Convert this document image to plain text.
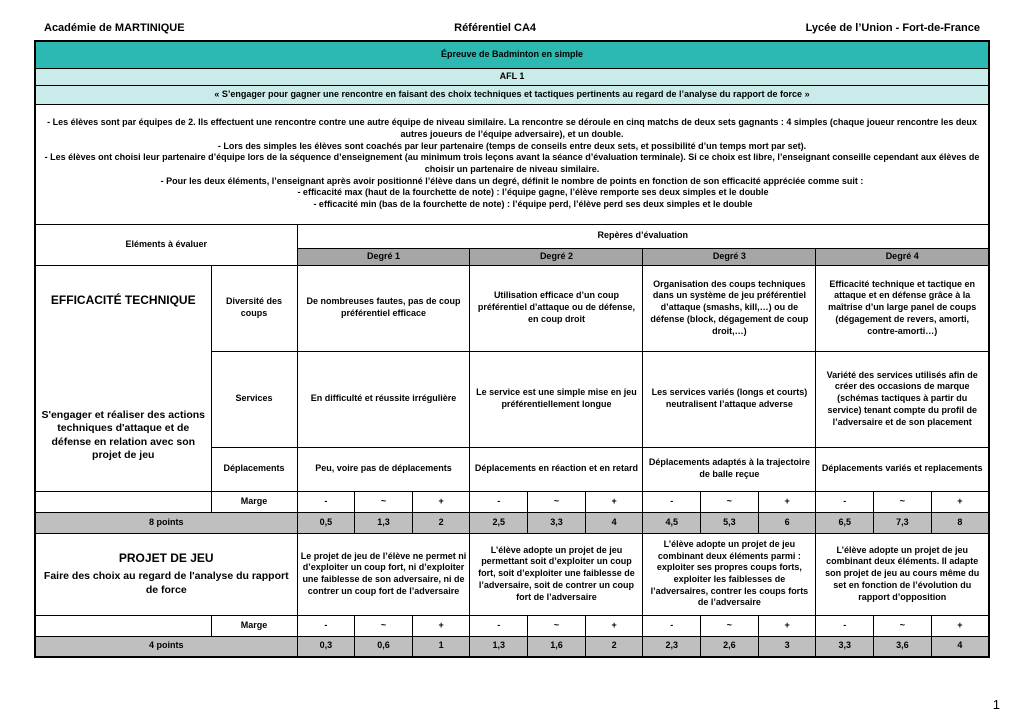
Académie de MARTINIQUE	Référentiel CA4	Lycée de l’Union - Fort-de-France
Épreuve de Badminton en simple													
AFL 1													
« S’engager pour gagner une rencontre en faisant des choix techniques et tactiques pertinents au regard de l’analyse du rapport de force »													

- Les élèves sont par équipes de 2. Ils effectuent une rencontre contre une autre équipe de niveau similaire. La rencontre se déroule en cinq matchs de deux sets gagnants : 4 simples (chaque joueur rencontre les deux autres joueurs de l’équipe adversaire), et un double.
- Lors des simples les élèves sont coachés par leur partenaire (temps de conseils entre deux sets, et possibilité d’un temps mort par set).
- Les élèves ont choisi leur partenaire d’équipe lors de la séquence d’enseignement (au minimum trois leçons avant la séance d’évaluation terminale). Si ce choix est libre, l’enseignant conseille cependant aux élèves de choisir un partenaire de niveau similaire.
- Pour les deux éléments, l’enseignant après avoir positionné l’élève dans un degré, définit le nombre de points en fonction de son efficacité appréciée comme suit :
- efficacité max (haut de la fourchette de note) : l’équipe gagne, l’élève remporte ses deux simples et le double
- efficacité min (bas de la fourchette de note) : l’équipe perd, l’élève perd ses deux simples et le double

Eléments à évaluer		Repères d’évaluation											
		Degré 1			Degré 2			Degré 3			Degré 4		

EFFICACITÉ TECHNIQUE
S'engager et réaliser des actions techniques d'attaque et de défense en relation avec son projet de jeu	Diversité des coups	De nombreuses fautes, pas de coup préférentiel efficace			Utilisation efficace d’un coup préférentiel d’attaque ou de défense, en coup droit			Organisation des coups techniques dans un système de jeu préférentiel d’attaque (smashs, kill,…) ou de défense (block, dégagement de coup droit,…)			Efficacité technique et tactique en attaque et en défense grâce à la maîtrise d’un large panel de coups (dégagement de revers, amorti, contre-amorti…)		
	Services	En difficulté et réussite irrégulière			Le service est une simple mise en jeu préférentiellement longue			Les services variés (longs et courts) neutralisent l’attaque adverse			Variété des services utilisés afin de créer des occasions de marque (schémas tactiques à partir du service) tenant compte du profil de l’adversaire et de son placement		
	Déplacements	Peu, voire pas de déplacements			Déplacements en réaction et en retard			Déplacements adaptés à la trajectoire de balle reçue			Déplacements variés et replacements		
	Marge	-	~	+	-	~	+	-	~	+	-	~	+
8 points		0,5	1,3	2	2,5	3,3	4	4,5	5,3	6	6,5	7,3	8

PROJET DE JEU
Faire des choix au regard de l'analyse du rapport de force		Le projet de jeu de l’élève ne permet ni d’exploiter un coup fort, ni d’exploiter une faiblesse de son adversaire, ni de contrer un coup fort de l’adversaire			L’élève adopte un projet de jeu permettant soit d’exploiter un coup fort, soit d’exploiter une faiblesse de l’adversaire, soit de contrer un coup fort de l’adversaire			L’élève adopte un projet de jeu combinant deux éléments parmi : exploiter ses propres coups forts, exploiter les faiblesses de l’adversaires, contrer les coups forts de l’adversaire			L’élève adopte un projet de jeu combinant deux éléments. Il adapte son projet de jeu au cours même du set en fonction de l’évolution du rapport d’opposition		
	Marge	-	~	+	-	~	+	-	~	+	-	~	+
4 points		0,3	0,6	1	1,3	1,6	2	2,3	2,6	3	3,3	3,6	4
1
